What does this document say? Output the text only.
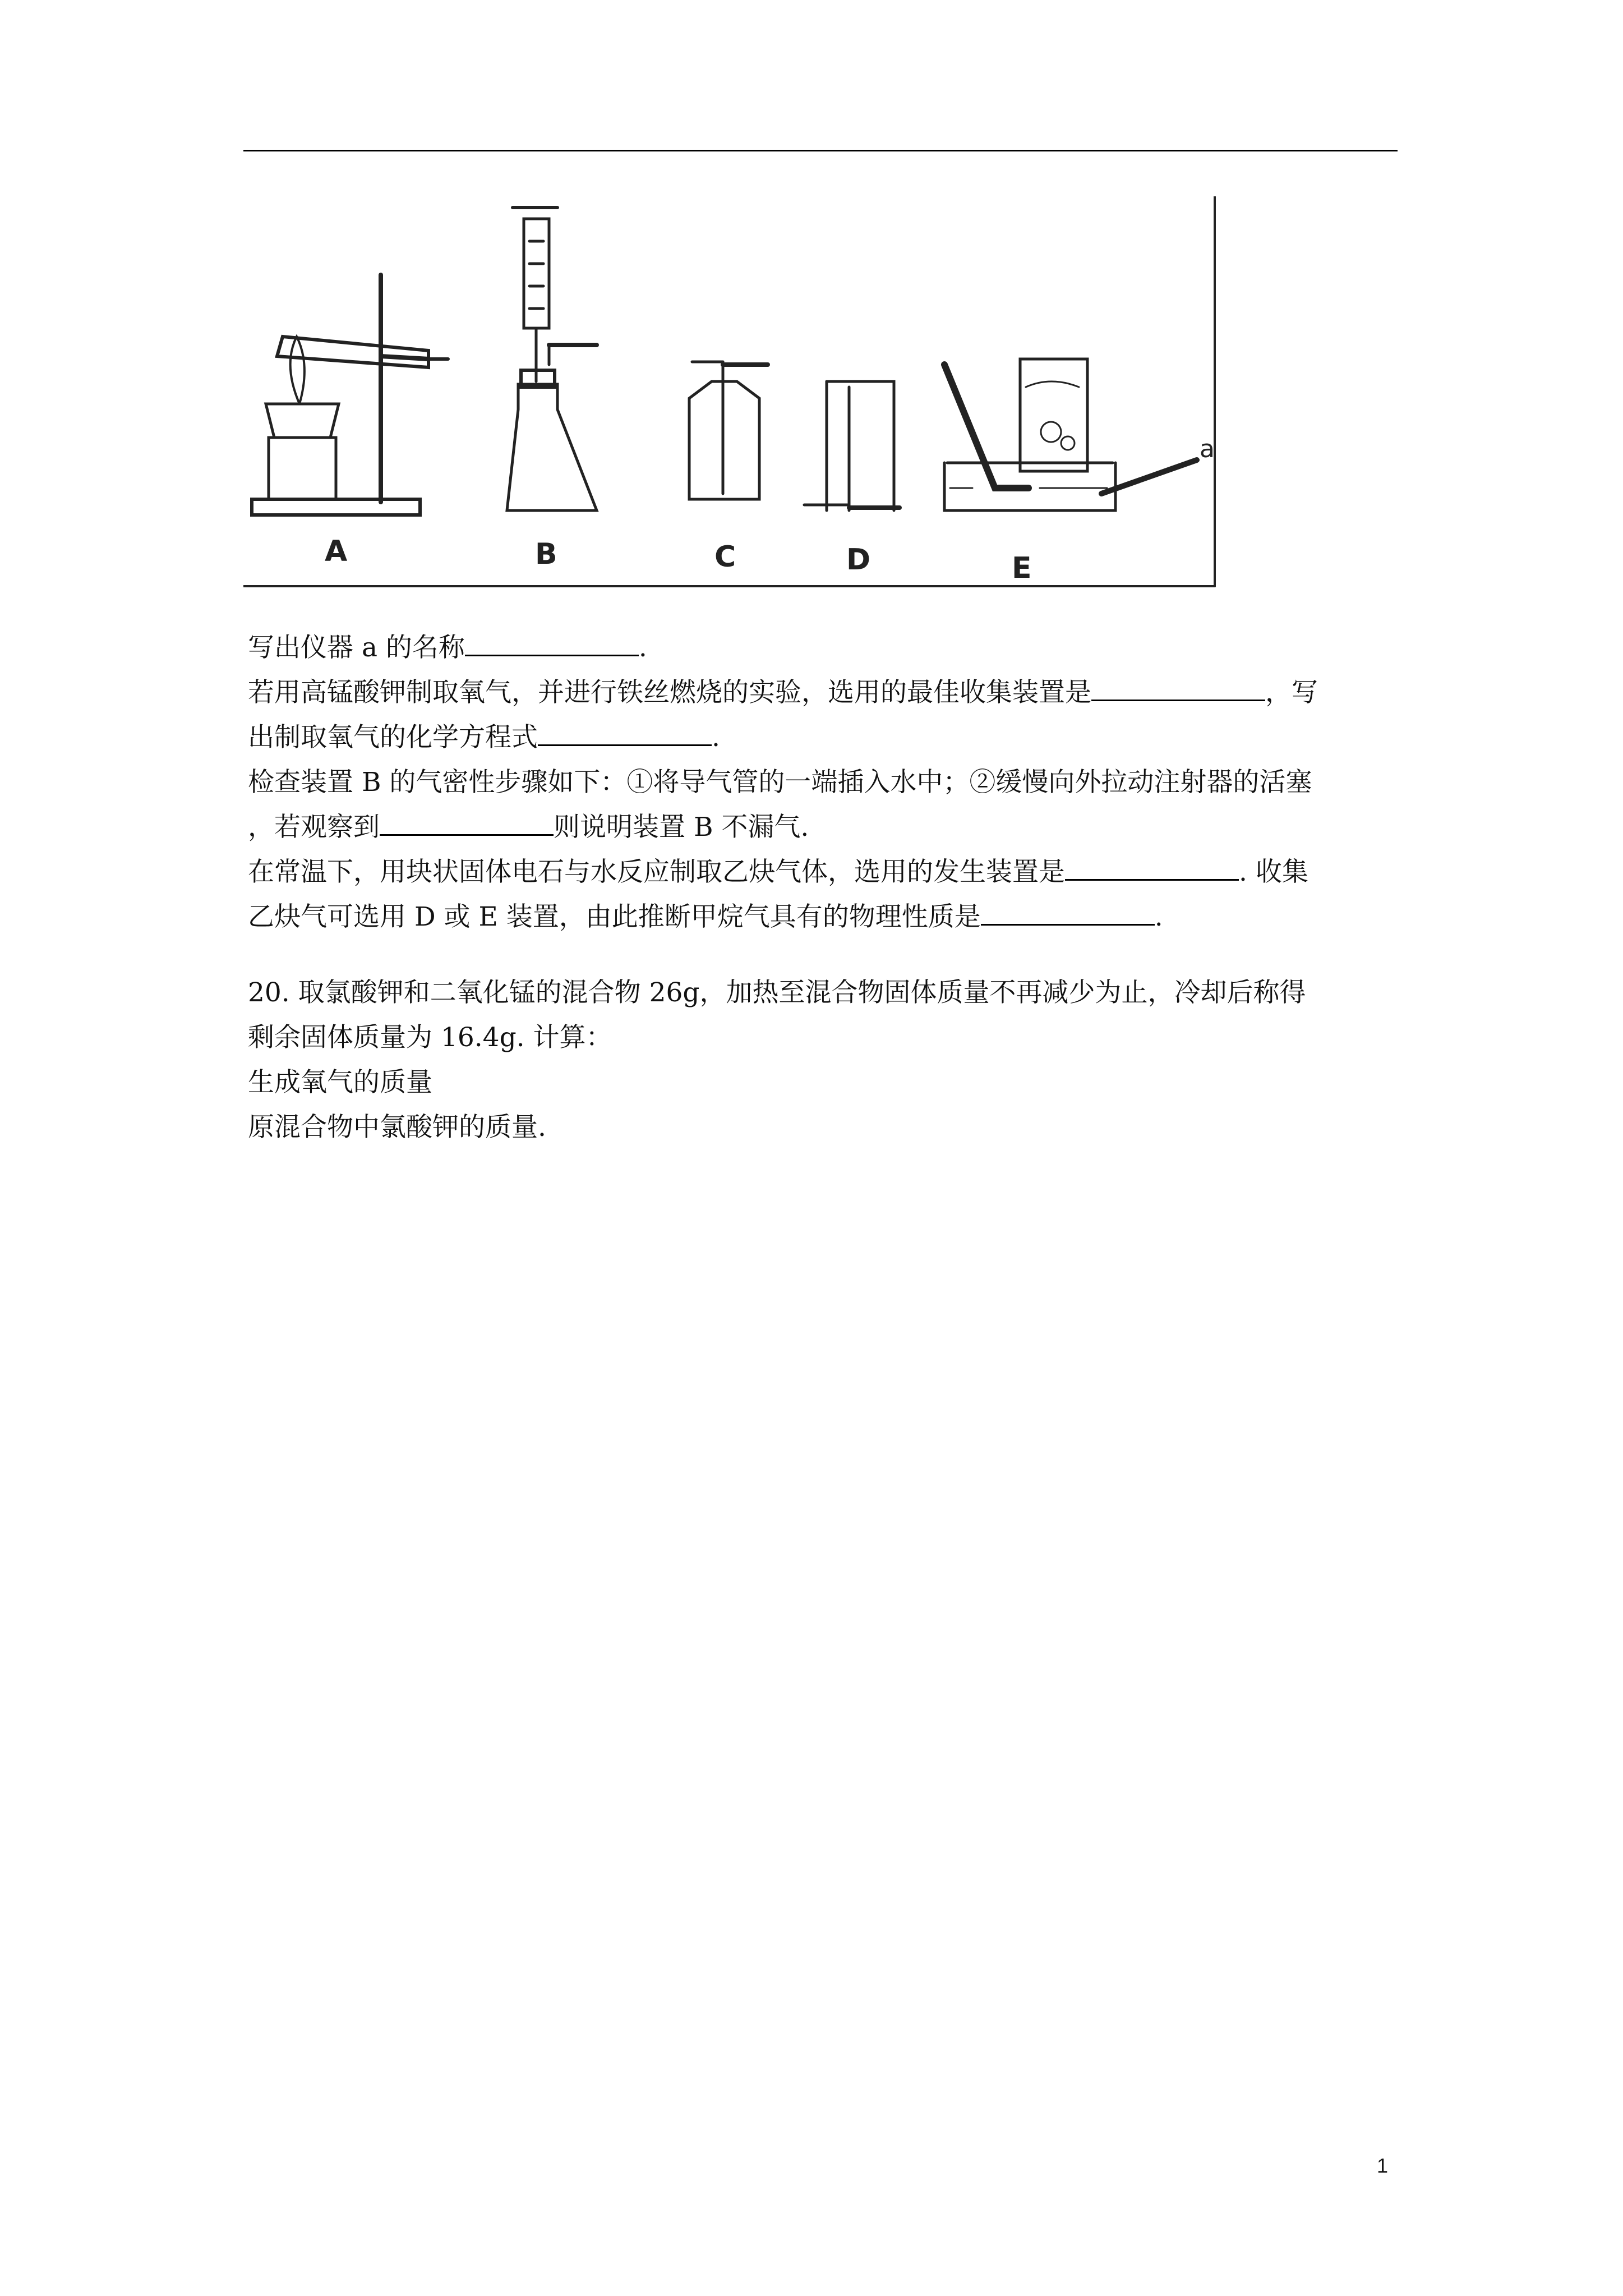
A	B	C	D	E
a
写出仪器 a 的名称	.
若用高锰酸钾制取氧气，并进行铁丝燃烧的实验，选用的最佳收集装置是	，写
出制取氧气的化学方程式	.
检查装置 B 的气密性步骤如下：①将导气管的一端插入水中；②缓慢向外拉动注射器的活塞
，若观察到	则说明装置 B 不漏气.
在常温下，用块状固体电石与水反应制取乙炔气体，选用的发生装置是	. 收集
乙炔气可选用 D 或 E 装置，由此推断甲烷气具有的物理性质是	.
20. 取氯酸钾和二氧化锰的混合物 26g，加热至混合物固体质量不再减少为止，冷却后称得
剩余固体质量为 16.4g. 计算：
生成氧气的质量
原混合物中氯酸钾的质量.
1
